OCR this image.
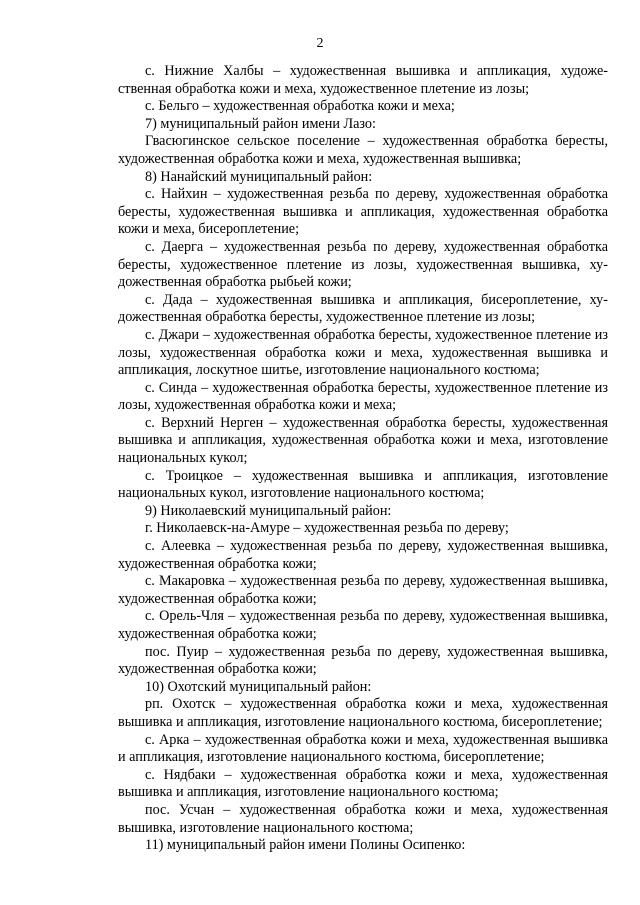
2

с. Нижние Халбы – художественная вышивка и аппликация, художественная обработка кожи и меха, художественное плетение из лозы;

с. Бельго – художественная обработка кожи и меха;

7) муниципальный район имени Лазо:

Гвасюгинское сельское поселение – художественная обработка бересты, художественная обработка кожи и меха, художественная вышивка;

8) Нанайский муниципальный район:

с. Найхин – художественная резьба по дереву, художественная обработка бересты, художественная вышивка и аппликация, художественная обработка кожи и меха, бисероплетение;

с. Даерга – художественная резьба по дереву, художественная обработка бересты, художественное плетение из лозы, художественная вышивка, художественная обработка рыбьей кожи;

с. Дада – художественная вышивка и аппликация, бисероплетение, художественная обработка бересты, художественное плетение из лозы;

с. Джари – художественная обработка бересты, художественное плетение из лозы, художественная обработка кожи и меха, художественная вышивка и аппликация, лоскутное шитье, изготовление национального костюма;

с. Синда – художественная обработка бересты, художественное плетение из лозы, художественная обработка кожи и меха;

с. Верхний Нерген – художественная обработка бересты, художественная вышивка и аппликация, художественная обработка кожи и меха, изготовление национальных кукол;

с. Троицкое – художественная вышивка и аппликация, изготовление национальных кукол, изготовление национального костюма;

9) Николаевский муниципальный район:

г. Николаевск-на-Амуре – художественная резьба по дереву;

с. Алеевка – художественная резьба по дереву, художественная вышивка, художественная обработка кожи;

с. Макаровка – художественная резьба по дереву, художественная вышивка, художественная обработка кожи;

с. Орель-Чля – художественная резьба по дереву, художественная вышивка, художественная обработка кожи;

пос. Пуир – художественная резьба по дереву, художественная вышивка, художественная обработка кожи;

10) Охотский муниципальный район:

рп. Охотск – художественная обработка кожи и меха, художественная вышивка и аппликация, изготовление национального костюма, бисероплетение;

с. Арка – художественная обработка кожи и меха, художественная вышивка и аппликация, изготовление национального костюма, бисероплетение;

с. Нядбаки – художественная обработка кожи и меха, художественная вышивка и аппликация, изготовление национального костюма;

пос. Усчан – художественная обработка кожи и меха, художественная вышивка, изготовление национального костюма;

11) муниципальный район имени Полины Осипенко:
